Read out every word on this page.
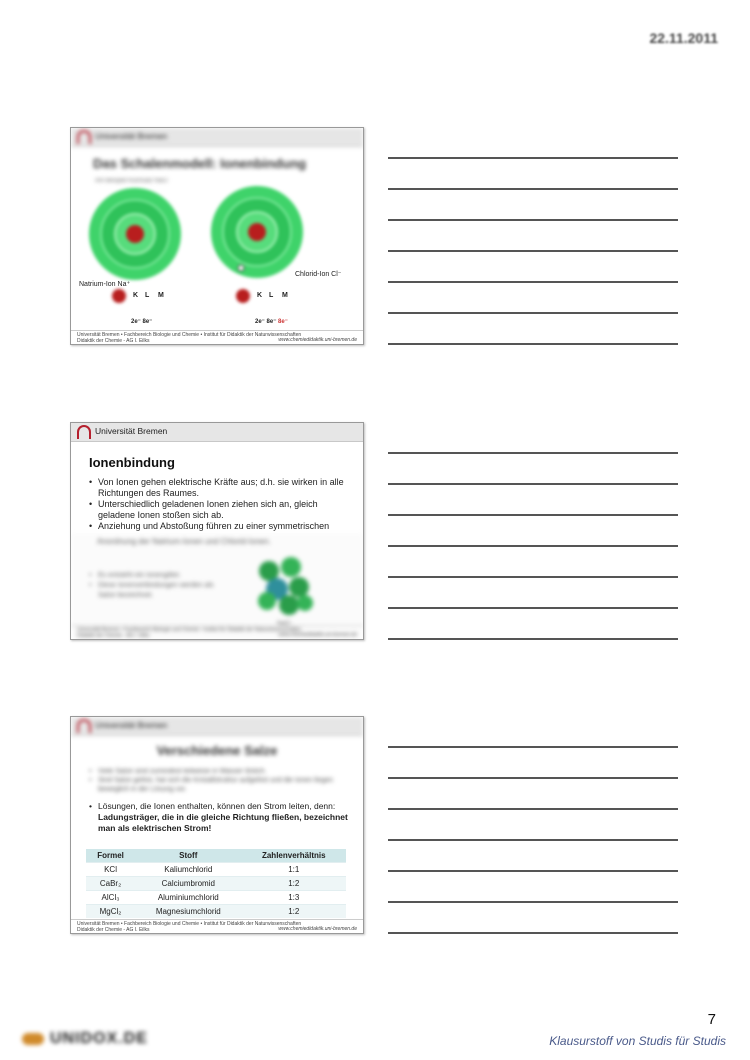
22.11.2011
Universität Bremen
Das Schalenmodell: Ionenbindung
Am Beispiel Kochsalz NaCl
Chlorid-Ion Cl⁻
Natrium-Ion Na⁺
K L M
2e⁻ 8e⁻
K L M
2e⁻ 8e⁻ 8e⁻
Universität Bremen • Fachbereich Biologie und Chemie • Institut für Didaktik der Naturwissenschaften
Didaktik der Chemie - AG I. Eilks	www.chemiedidaktik.uni-bremen.de
Universität Bremen
Ionenbindung
• Von Ionen gehen elektrische Kräfte aus; d.h. sie wirken in alle Richtungen des Raumes.
• Unterschiedlich geladenen Ionen ziehen sich an, gleich geladene Ionen stoßen sich ab.
• Anziehung und Abstoßung führen zu einer symmetrischen
Anordnung der Natrium-Ionen und Chlorid-Ionen.
• Es entsteht ein Ionengitter.
• Diese Ionenverbindungen werden als Salze bezeichnet.
NaCl
Universität Bremen • Fachbereich Biologie und Chemie • Institut für Didaktik der Naturwissenschaften
Didaktik der Chemie - AG I. Eilks	www.chemiedidaktik.uni-bremen.de
Universität Bremen
Verschiedene Salze
• Viele Salze sind zumindest teilweise in Wasser löslich.
• Sind Salze gelöst, hat sich die Kristallstruktur aufgelöst und die Ionen liegen beweglich in der Lösung vor.
• Lösungen, die Ionen enthalten, können den Strom leiten, denn: Ladungsträger, die in die gleiche Richtung fließen, bezeichnet man als elektrischen Strom!
Formel	Stoff	Zahlenverhältnis
KCl	Kaliumchlorid	1:1
CaBr₂	Calciumbromid	1:2
AlCl₃	Aluminiumchlorid	1:3
MgCl₂	Magnesiumchlorid	1:2
Universität Bremen • Fachbereich Biologie und Chemie • Institut für Didaktik der Naturwissenschaften
Didaktik der Chemie - AG I. Eilks	www.chemiedidaktik.uni-bremen.de
UNIDOX.DE
7
Klausurstoff von Studis für Studis
